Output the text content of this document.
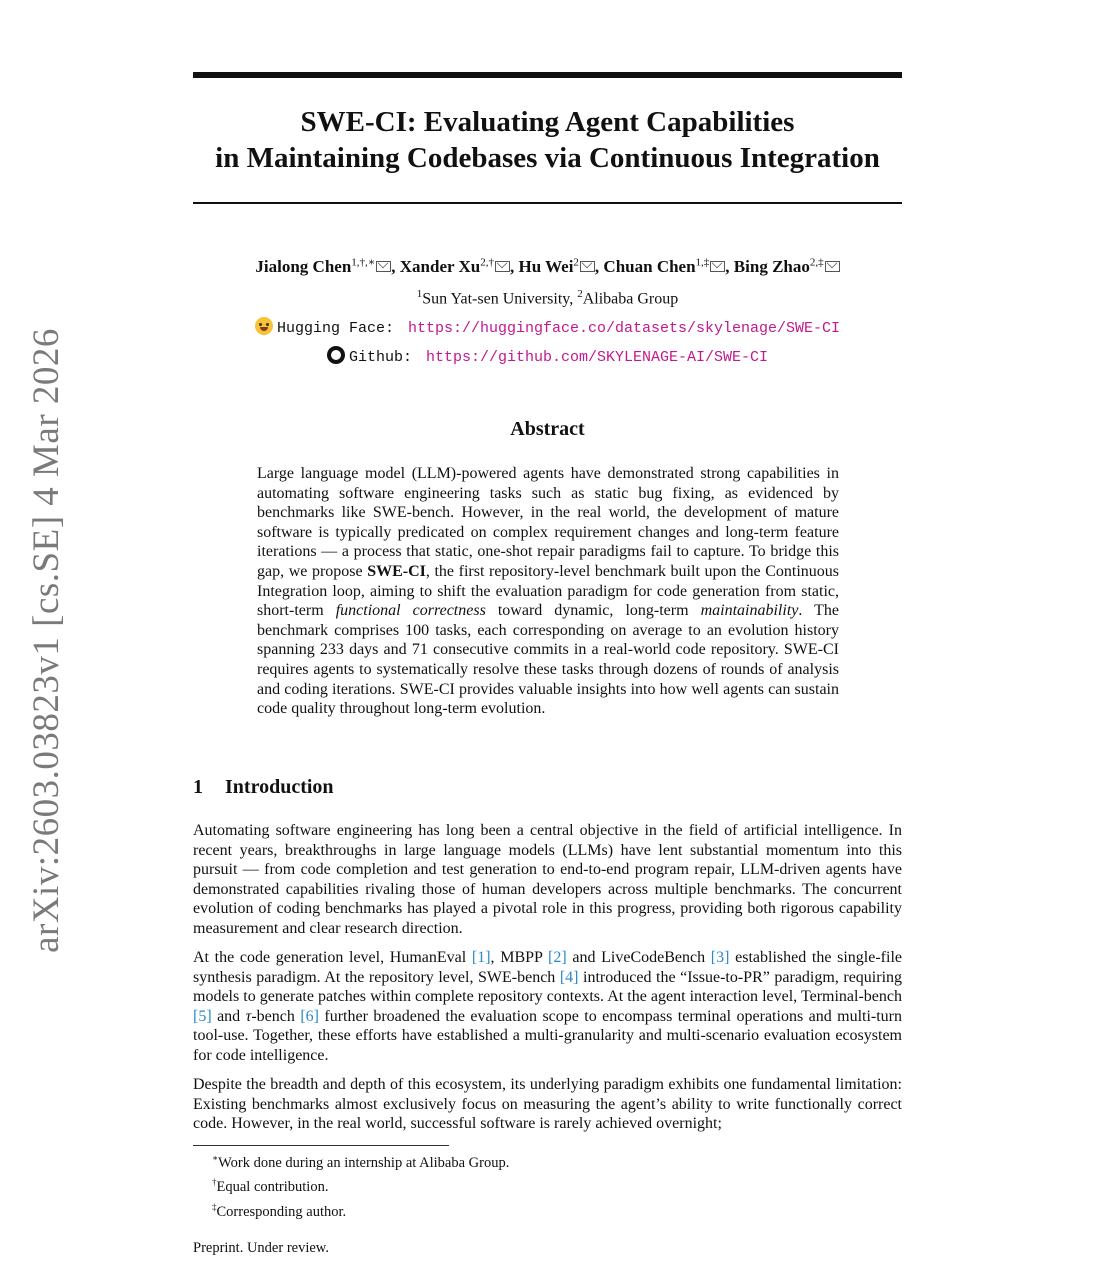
arXiv:2603.03823v1 [cs.SE] 4 Mar 2026
SWE-CI: Evaluating Agent Capabilities
in Maintaining Codebases via Continuous Integration
Jialong Chen$^{1,\dagger,∗}$ , Xander $Xu^{2,\dagger}$ , Hu Wei$^2$ , Chuan Chen$^{1,\ddagger}$ , Bing Zhao$^{2,\ddagger}$
$^1$Sun Yat-sen University, $^2$Alibaba Group
Hugging Face: https://huggingface.co/datasets/skylenage/SWE-CI
Github: https://github.com/SKYLENAGE-AI/SWE-CI
Abstract
Large language model (LLM)-powered agents have demonstrated strong capabilities in automating software engineering tasks such as static bug fixing, as evidenced by benchmarks like SWE-bench. However, in the real world, the development of mature software is typically predicated on complex requirement changes and long-term feature iterations — a process that static, one-shot repair paradigms fail to capture. To bridge this gap, we propose SWE-CI, the first repository-level benchmark built upon the Continuous Integration loop, aiming to shift the evaluation paradigm for code generation from static, short-term functional correctness toward dynamic, long-term maintainability. The benchmark comprises 100 tasks, each corresponding on average to an evolution history spanning 233 days and 71 consecutive commits in a real-world code repository. SWE-CI requires agents to systematically resolve these tasks through dozens of rounds of analysis and coding iterations. SWE-CI provides valuable insights into how well agents can sustain code quality throughout long-term evolution.
1 Introduction
Automating software engineering has long been a central objective in the field of artificial intelligence. In recent years, breakthroughs in large language models (LLMs) have lent substantial momentum into this pursuit — from code completion and test generation to end-to-end program repair, LLM-driven agents have demonstrated capabilities rivaling those of human developers across multiple benchmarks. The concurrent evolution of coding benchmarks has played a pivotal role in this progress, providing both rigorous capability measurement and clear research direction.
At the code generation level, HumanEval [1], MBPP [2] and LiveCodeBench [3] established the single-file synthesis paradigm. At the repository level, SWE-bench [4] introduced the “Issue-to-PR” paradigm, requiring models to generate patches within complete repository contexts. At the agent interaction level, Terminal-bench [5] and τ-bench [6] further broadened the evaluation scope to encompass terminal operations and multi-turn tool-use. Together, these efforts have established a multi-granularity and multi-scenario evaluation ecosystem for code intelligence.
Despite the breadth and depth of this ecosystem, its underlying paradigm exhibits one fundamental limitation: Existing benchmarks almost exclusively focus on measuring the agent’s ability to write functionally correct code. However, in the real world, successful software is rarely achieved overnight;
∗Work done during an internship at Alibaba Group.
†Equal contribution.
‡Corresponding author.
Preprint. Under review.
